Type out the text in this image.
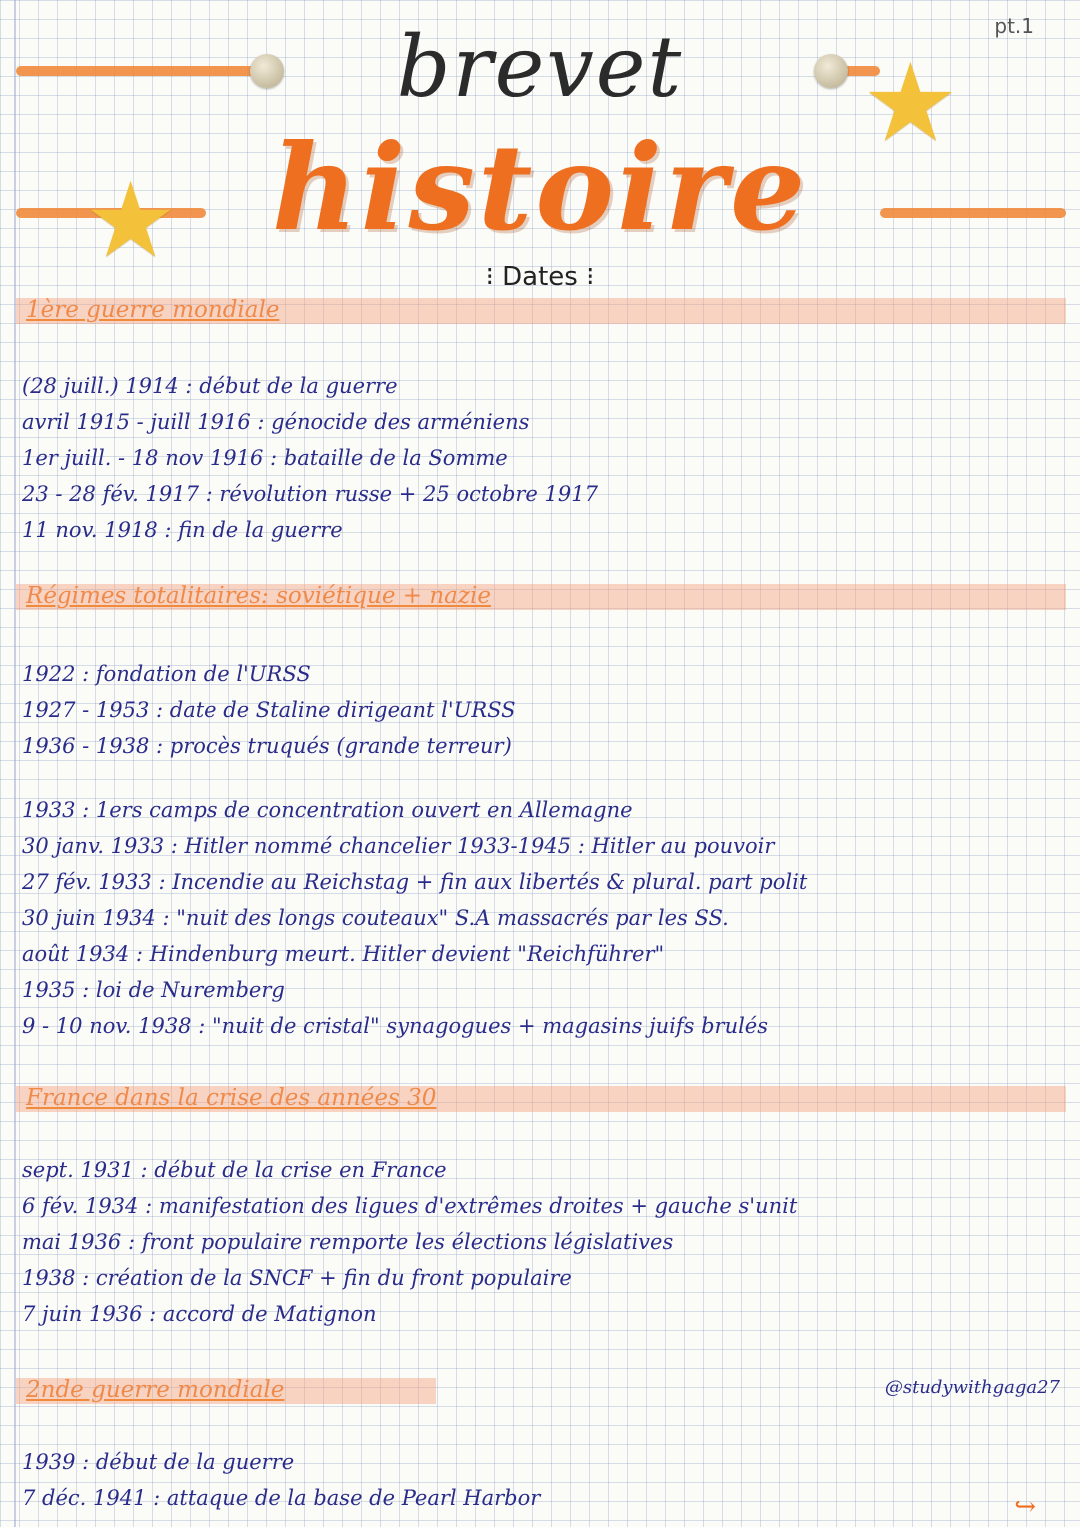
pt.1
★
★
brevet
histoire
⁝ Dates ⁝
1ère guerre mondiale
(28 juill.) 1914 : début de la guerre
avril 1915 - juill 1916 : génocide des arméniens
1er juill. - 18 nov 1916 : bataille de la Somme
23 - 28 fév. 1917 : révolution russe + 25 octobre 1917
11 nov. 1918 : fin de la guerre
Régimes totalitaires: soviétique + nazie
1922 : fondation de l'URSS
1927 - 1953 : date de Staline dirigeant l'URSS
1936 - 1938 : procès truqués (grande terreur)
1933 : 1ers camps de concentration ouvert en Allemagne
30 janv. 1933 : Hitler nommé chancelier 1933-1945 : Hitler au pouvoir
27 fév. 1933 : Incendie au Reichstag + fin aux libertés & plural. part polit
30 juin 1934 : "nuit des longs couteaux" S.A massacrés par les SS.
août 1934 : Hindenburg meurt. Hitler devient "Reichführer"
1935 : loi de Nuremberg
9 - 10 nov. 1938 : "nuit de cristal" synagogues + magasins juifs brulés
France dans la crise des années 30
sept. 1931 : début de la crise en France
6 fév. 1934 : manifestation des ligues d'extrêmes droites + gauche s'unit
mai 1936 : front populaire remporte les élections législatives
1938 : création de la SNCF + fin du front populaire
7 juin 1936 : accord de Matignon
2nde guerre mondiale	@studywithgaga27
1939 : début de la guerre
7 déc. 1941 : attaque de la base de Pearl Harbor	↪
